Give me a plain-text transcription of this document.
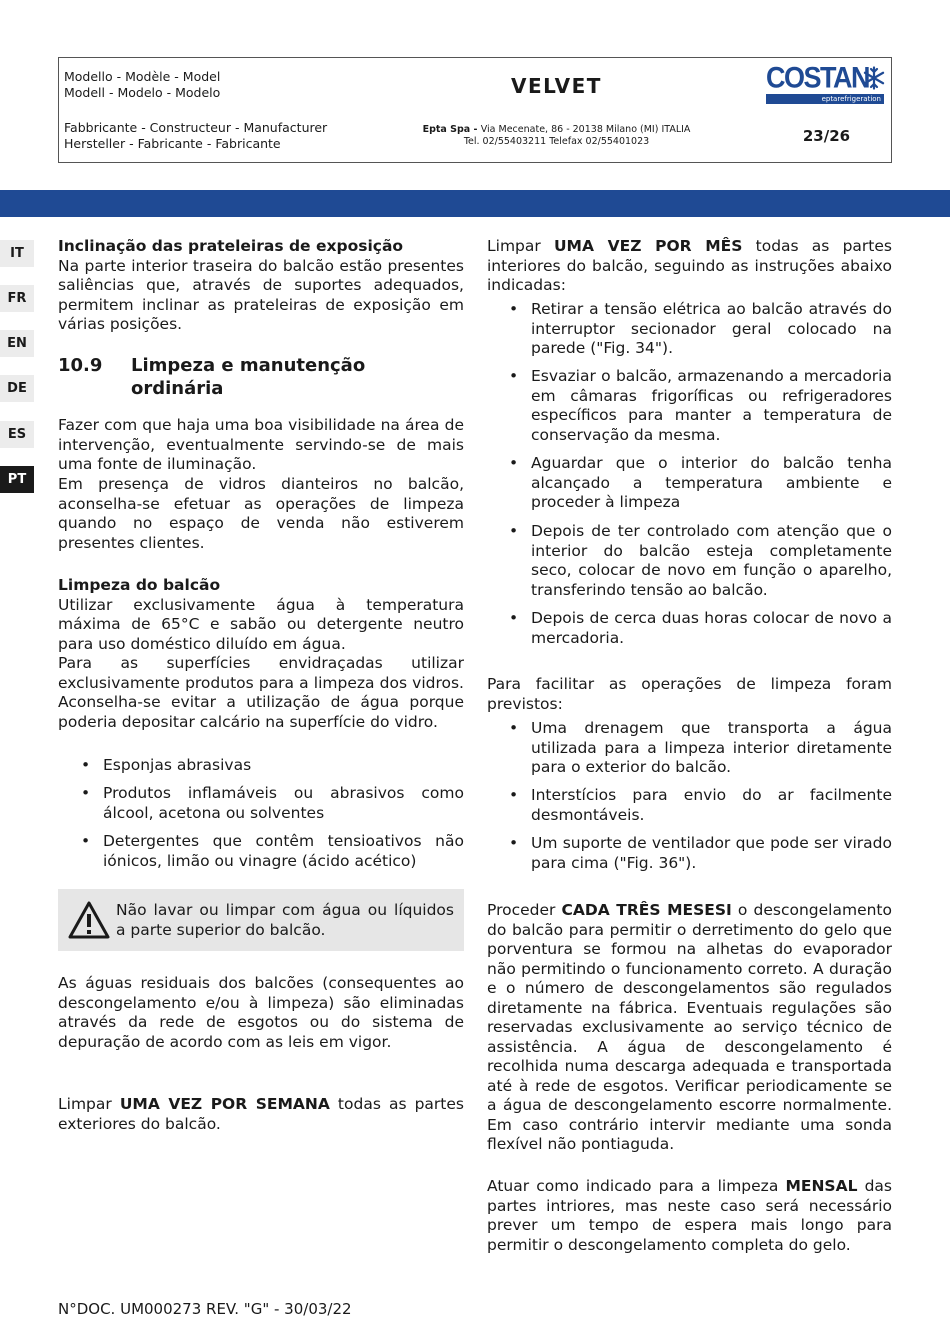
Modello - Modèle - Model
Modell - Modelo - Modelo	VELVET	COSTAN
eptarefrigeration
Fabbricante - Constructeur - Manufacturer
Hersteller - Fabricante - Fabricante
Epta Spa - Via Mecenate, 86 - 20138 Milano (MI) ITALIA
Tel. 02/55403211 Telefax 02/55401023	23/26
IT
FR
EN
DE
ES
PT
Inclinação das prateleiras de exposição
Na parte interior traseira do balcão estão presentes saliências que, através de suportes adequados, permitem inclinar as prateleiras de exposição em várias posições.
10.9 Limpeza e manutenção ordinária
Fazer com que haja uma boa visibilidade na área de intervenção, eventualmente servindo-se de mais uma fonte de iluminação.
Em presença de vidros dianteiros no balcão, aconselha-se efetuar as operações de limpeza quando no espaço de venda não estiverem presentes clientes.
Limpeza do balcão
Utilizar exclusivamente água à temperatura máxima de 65°C e sabão ou detergente neutro para uso doméstico diluído em água.
Para as superfícies envidraçadas utilizar exclusivamente produtos para a limpeza dos vidros. Aconselha-se evitar a utilização de água porque poderia depositar calcário na superfície do vidro.
• Esponjas abrasivas
• Produtos inflamáveis ou abrasivos como álcool, acetona ou solventes
• Detergentes que contêm tensioativos não iónicos, limão ou vinagre (ácido acético)
Não lavar ou limpar com água ou líquidos a parte superior do balcão.
As águas residuais dos balcões (consequentes ao descongelamento e/ou à limpeza) são eliminadas através da rede de esgotos ou do sistema de depuração de acordo com as leis em vigor.
Limpar UMA VEZ POR SEMANA todas as partes exteriores do balcão.
Limpar UMA VEZ POR MÊS todas as partes interiores do balcão, seguindo as instruções abaixo indicadas:
• Retirar a tensão elétrica ao balcão através do interruptor secionador geral colocado na parede ("Fig. 34").
• Esvaziar o balcão, armazenando a mercadoria em câmaras frigoríficas ou refrigeradores específicos para manter a temperatura de conservação da mesma.
• Aguardar que o interior do balcão tenha alcançado a temperatura ambiente e proceder à limpeza
• Depois de ter controlado com atenção que o interior do balcão esteja completamente seco, colocar de novo em função o aparelho, transferindo tensão ao balcão.
• Depois de cerca duas horas colocar de novo a mercadoria.
Para facilitar as operações de limpeza foram previstos:
• Uma drenagem que transporta a água utilizada para a limpeza interior diretamente para o exterior do balcão.
• Interstícios para envio do ar facilmente desmontáveis.
• Um suporte de ventilador que pode ser virado para cima ("Fig. 36").
Proceder CADA TRÊS MESESI o descongelamento do balcão para permitir o derretimento do gelo que porventura se formou na alhetas do evaporador não permitindo o funcionamento correto. A duração e o número de descongelamentos são regulados diretamente na fábrica. Eventuais regulações são reservadas exclusivamente ao serviço técnico de assistência. A água de descongelamento é recolhida numa descarga adequada e transportada até à rede de esgotos. Verificar periodicamente se a água de descongelamento escorre normalmente. Em caso contrário intervir mediante uma sonda flexível não pontiaguda.
Atuar como indicado para a limpeza MENSAL das partes intriores, mas neste caso será necessário prever um tempo de espera mais longo para permitir o descongelamento completa do gelo.
N°DOC. UM000273 REV. "G" - 30/03/22
